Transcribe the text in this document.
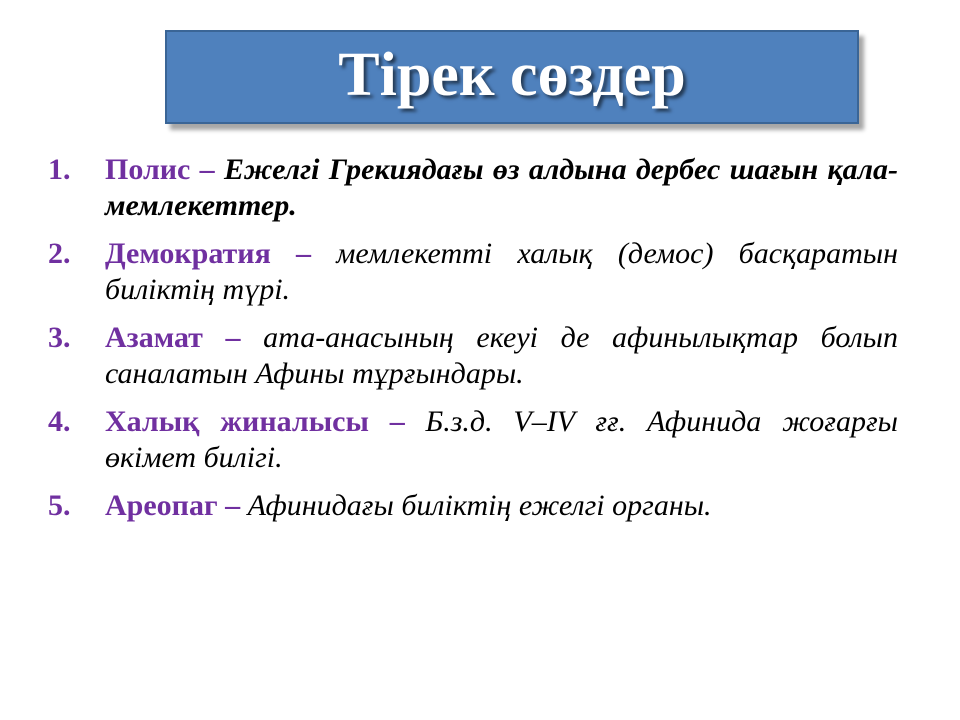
Тірек сөздер
1. Полис – Ежелгі Грекиядағы өз алдына дербес шағын қала-мемлекеттер.
2. Демократия – мемлекетті халық (демос) басқаратын биліктің түрі.
3. Азамат – ата-анасының екеуі де афинылықтар болып саналатын Афины тұрғындары.
4. Халық жиналысы – Б.з.д. V–IV ғғ. Афинида жоғарғы өкімет билігі.
5. Ареопаг – Афинидағы биліктің ежелгі органы.
